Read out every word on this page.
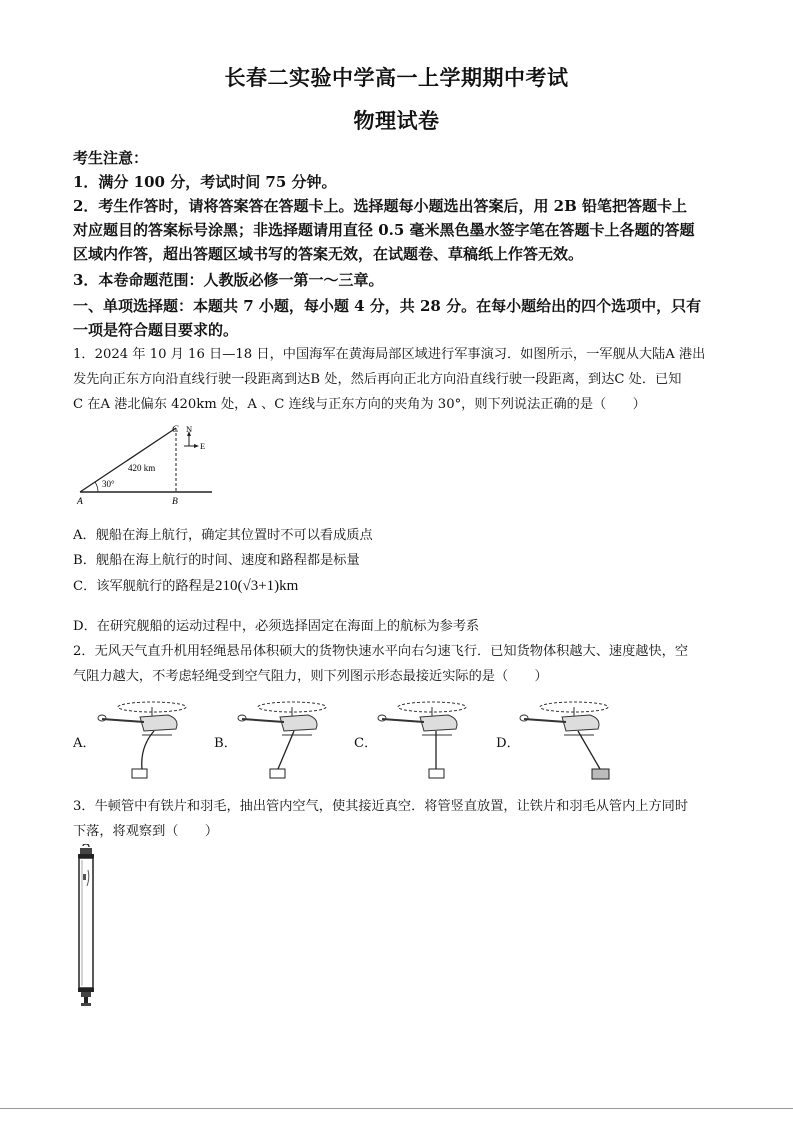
长春二实验中学高一上学期期中考试
物理试卷
考生注意：
1．满分 100 分，考试时间 75 分钟。
2．考生作答时，请将答案答在答题卡上。选择题每小题选出答案后，用 2B 铅笔把答题卡上
对应题目的答案标号涂黑；非选择题请用直径 0.5 毫米黑色墨水签字笔在答题卡上各题的答题
区域内作答，超出答题区域书写的答案无效，在试题卷、草稿纸上作答无效。
3．本卷命题范围：人教版必修一第一～三章。
一、单项选择题：本题共 7 小题，每小题 4 分，共 28 分。在每小题给出的四个选项中，只有
一项是符合题目要求的。
1．2024 年 10 月 16 日—18 日，中国海军在黄海局部区域进行军事演习．如图所示，一军舰从大陆A 港出
发先向正东方向沿直线行驶一段距离到达B 处，然后再向正北方向沿直线行驶一段距离，到达C 处．已知
C 在A 港北偏东 420km 处，A 、C 连线与正东方向的夹角为 30°，则下列说法正确的是（　　）
A	B
C
420 km
30°
N
E
A．舰船在海上航行，确定其位置时不可以看成质点
B．舰船在海上航行的时间、速度和路程都是标量
C．该军舰航行的路程是210(√3+1)km
D．在研究舰船的运动过程中，必须选择固定在海面上的航标为参考系
2．无风天气直升机用轻绳悬吊体积硕大的货物快速水平向右匀速飞行．已知货物体积越大、速度越快，空
气阻力越大，不考虑轻绳受到空气阻力，则下列图示形态最接近实际的是（　　）
A．	B．	C．	D．
3．牛顿管中有铁片和羽毛，抽出管内空气，使其接近真空．将管竖直放置，让铁片和羽毛从管内上方同时
下落，将观察到（　　）
